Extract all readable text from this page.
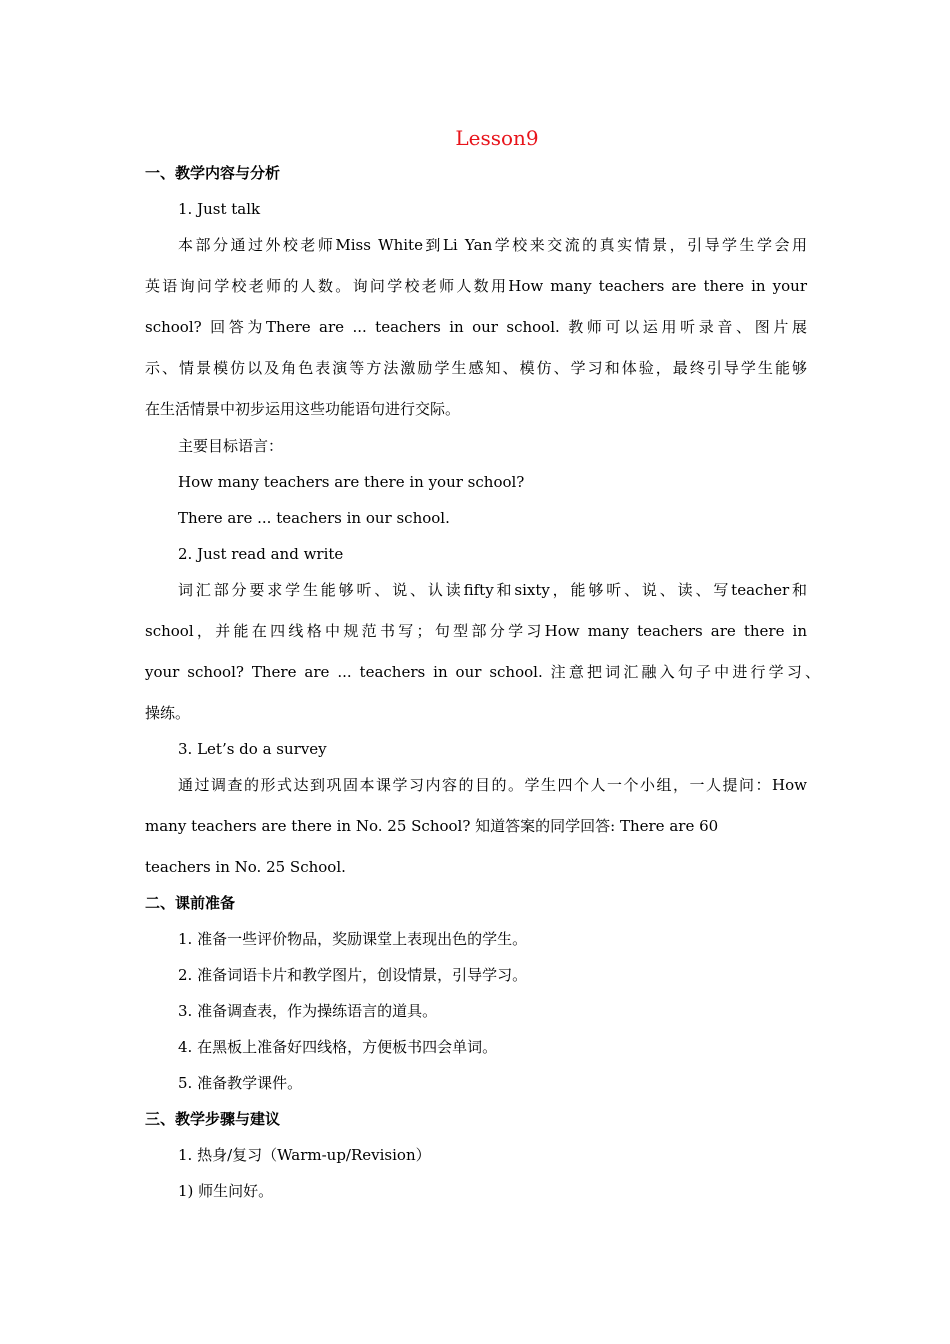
Lesson9
一、教学内容与分析
1. Just talk
本部分通过外校老师Miss White到Li Yan学校来交流的真实情景，引导学生学会用
英语询问学校老师的人数。询问学校老师人数用How many teachers are there in your
school? 回答为There are ... teachers in our school. 教师可以运用听录音、图片展
示、情景模仿以及角色表演等方法激励学生感知、模仿、学习和体验，最终引导学生能够
在生活情景中初步运用这些功能语句进行交际。
主要目标语言：
How many teachers are there in your school?
There are ... teachers in our school.
2. Just read and write
词汇部分要求学生能够听、说、认读fifty和sixty，能够听、说、读、写teacher和
school，并能在四线格中规范书写；句型部分学习How many teachers are there in
your school? There are ... teachers in our school. 注意把词汇融入句子中进行学习、
操练。
3. Let’s do a survey
通过调查的形式达到巩固本课学习内容的目的。学生四个人一个小组，一人提问：How
many teachers are there in No. 25 School? 知道答案的同学回答: There are 60
teachers in No. 25 School.
二、课前准备
1. 准备一些评价物品，奖励课堂上表现出色的学生。
2. 准备词语卡片和教学图片，创设情景，引导学习。
3. 准备调查表，作为操练语言的道具。
4. 在黑板上准备好四线格，方便板书四会单词。
5. 准备教学课件。
三、教学步骤与建议
1. 热身/复习（Warm-up/Revision）
1) 师生问好。
